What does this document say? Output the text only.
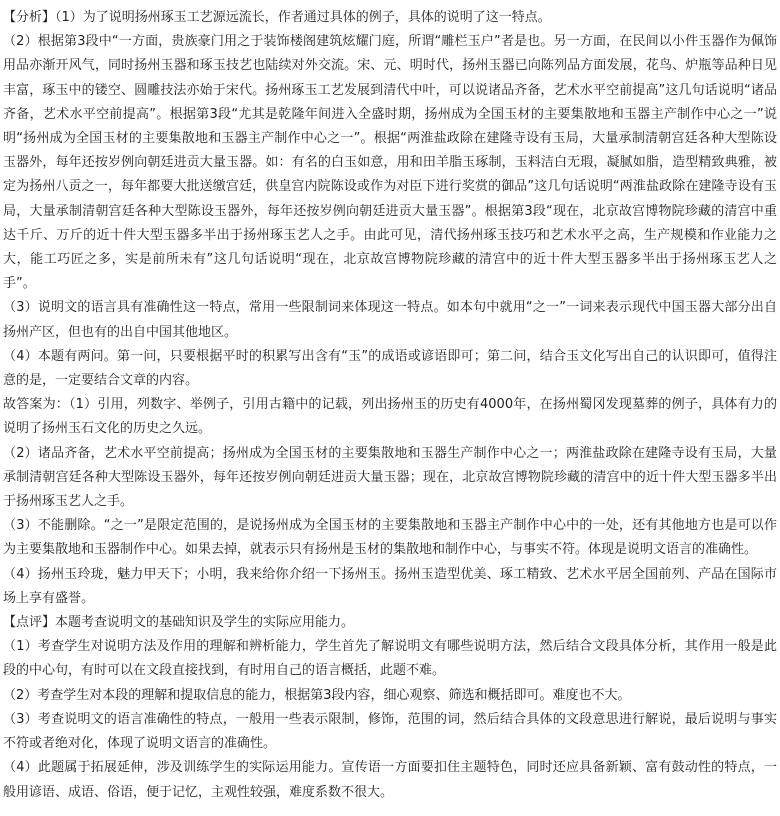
【分析】（1）为了说明扬州琢玉工艺源远流长，作者通过具体的例子，具体的说明了这一特点。

（2）根据第3段中“一方面，贵族豪门用之于装饰楼阁建筑炫耀门庭，所谓“雕栏玉户”者是也。另一方面，在民间以小件玉器作为佩饰用品亦渐开风气，同时扬州玉器和琢玉技艺也陆续对外交流。宋、元、明时代，扬州玉器已向陈列品方面发展，花鸟、炉瓶等品种日见丰富，琢玉中的镂空、圆雕技法亦始于宋代。扬州琢玉工艺发展到清代中叶，可以说诸品齐备，艺术水平空前提高”这几句话说明“诸品齐备，艺术水平空前提高”。根据第3段“尤其是乾隆年间进入全盛时期，扬州成为全国玉材的主要集散地和玉器主产制作中心之一”说明“扬州成为全国玉材的主要集散地和玉器主产制作中心之一”。根据“两淮盐政除在建隆寺设有玉局，大量承制清朝宫廷各种大型陈设玉器外，每年还按岁例向朝廷进贡大量玉器。如：有名的白玉如意，用和田羊脂玉琢制，玉料洁白无瑕，凝腻如脂，造型精致典雅，被定为扬州八贡之一，每年都要大批送缴宫廷，供皇宫内院陈设或作为对臣下进行奖赏的御品”这几句话说明“两淮盐政除在建隆寺设有玉局，大量承制清朝宫廷各种大型陈设玉器外，每年还按岁例向朝廷进贡大量玉器”。根据第3段“现在，北京故宫博物院珍藏的清宫中重达千斤、万斤的近十件大型玉器多半出于扬州琢玉艺人之手。由此可见，清代扬州琢玉技巧和艺术水平之高，生产规模和作业能力之大，能工巧匠之多，实是前所未有”这几句话说明“现在，北京故宫博物院珍藏的清宫中的近十件大型玉器多半出于扬州琢玉艺人之手”。

（3）说明文的语言具有准确性这一特点，常用一些限制词来体现这一特点。如本句中就用“之一”一词来表示现代中国玉器大部分出自扬州产区，但也有的出自中国其他地区。

（4）本题有两问。第一问，只要根据平时的积累写出含有“玉”的成语或谚语即可；第二问，结合玉文化写出自己的认识即可，值得注意的是，一定要结合文章的内容。

故答案为：（1）引用，列数字、举例子，引用古籍中的记载，列出扬州玉的历史有4000年，在扬州蜀冈发现墓葬的例子，具体有力的说明了扬州玉石文化的历史之久远。

（2）诸品齐备，艺术水平空前提高；扬州成为全国玉材的主要集散地和玉器生产制作中心之一；两淮盐政除在建隆寺设有玉局，大量承制清朝宫廷各种大型陈设玉器外，每年还按岁例向朝廷进贡大量玉器；现在，北京故宫博物院珍藏的清宫中的近十件大型玉器多半出于扬州琢玉艺人之手。

（3）不能删除。“之一”是限定范围的，是说扬州成为全国玉材的主要集散地和玉器主产制作中心中的一处，还有其他地方也是可以作为主要集散地和玉器制作中心。如果去掉，就表示只有扬州是玉材的集散地和制作中心，与事实不符。体现是说明文语言的准确性。

（4）扬州玉玲珑，魅力甲天下；小明，我来给你介绍一下扬州玉。扬州玉造型优美、琢工精致、艺术水平居全国前列、产品在国际市场上享有盛誉。

【点评】本题考查说明文的基础知识及学生的实际应用能力。

（1）考查学生对说明方法及作用的理解和辨析能力，学生首先了解说明文有哪些说明方法，然后结合文段具体分析，其作用一般是此段的中心句，有时可以在文段直接找到，有时用自己的语言概括，此题不难。

（2）考查学生对本段的理解和提取信息的能力，根据第3段内容，细心观察、筛选和概括即可。难度也不大。

（3）考查说明文的语言准确性的特点，一般用一些表示限制，修饰，范围的词，然后结合具体的文段意思进行解说，最后说明与事实不符或者绝对化，体现了说明文语言的准确性。

（4）此题属于拓展延伸，涉及训练学生的实际运用能力。宣传语一方面要扣住主题特色，同时还应具备新颖、富有鼓动性的特点，一般用谚语、成语、俗语，便于记忆，主观性较强，难度系数不很大。
